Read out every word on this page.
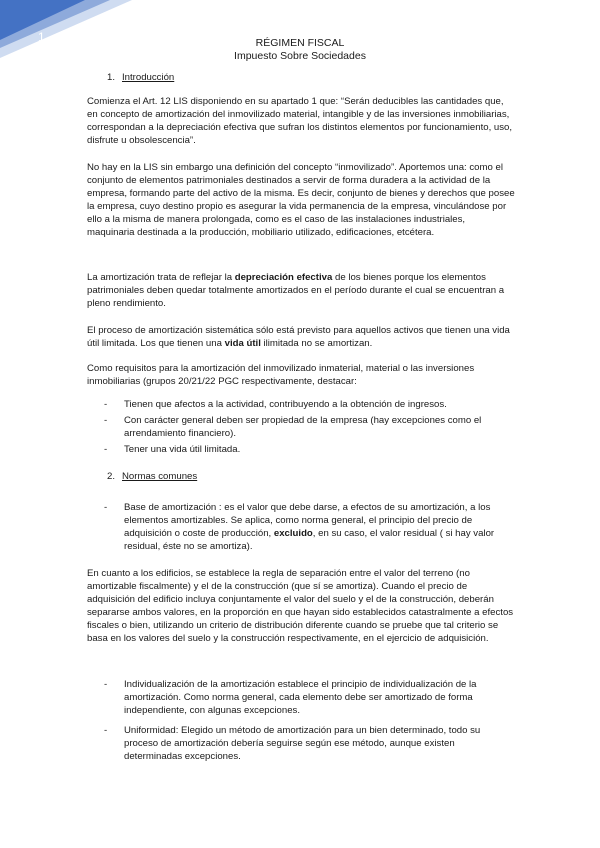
1	RÉGIMEN FISCAL
Impuesto Sobre Sociedades
1. Introducción

Comienza el Art. 12 LIS disponiendo en su apartado 1 que: “Serán deducibles las cantidades que, en concepto de amortización del inmovilizado material, intangible y de las inversiones inmobiliarias, correspondan a la depreciación efectiva que sufran los distintos elementos por funcionamiento, uso, disfrute u obsolescencia”.

No hay en la LIS sin embargo una definición del concepto “inmovilizado”. Aportemos una: como el conjunto de elementos patrimoniales destinados a servir de forma duradera a la actividad de la empresa, formando parte del activo de la misma. Es decir, conjunto de bienes y derechos que posee la empresa, cuyo destino propio es asegurar la vida permanencia de la empresa, vinculándose por ello a la misma de manera prolongada, como es el caso de las instalaciones industriales, maquinaria destinada a la producción, mobiliario utilizado, edificaciones, etcétera.

La amortización trata de reflejar la depreciación efectiva de los bienes porque los elementos patrimoniales deben quedar totalmente amortizados en el período durante el cual se encuentran a pleno rendimiento.

El proceso de amortización sistemática sólo está previsto para aquellos activos que tienen una vida útil limitada. Los que tienen una vida útil ilimitada no se amortizan.

Como requisitos para la amortización del inmovilizado inmaterial, material o las inversiones inmobiliarias (grupos 20/21/22 PGC respectivamente, destacar:

- Tienen que afectos a la actividad, contribuyendo a la obtención de ingresos.
- Con carácter general deben ser propiedad de la empresa (hay excepciones como el arrendamiento financiero).
- Tener una vida útil limitada.
2. Normas comunes
- Base de amortización : es el valor que debe darse, a efectos de su amortización, a los elementos amortizables. Se aplica, como norma general, el principio del precio de adquisición o coste de producción, excluido, en su caso, el valor residual ( si hay valor residual, éste no se amortiza).

En cuanto a los edificios, se establece la regla de separación entre el valor del terreno (no amortizable fiscalmente) y el de la construcción (que sí se amortiza). Cuando el precio de adquisición del edificio incluya conjuntamente el valor del suelo y el de la construcción, deberán separarse ambos valores, en la proporción en que hayan sido establecidos catastralmente a efectos fiscales o bien, utilizando un criterio de distribución diferente cuando se pruebe que tal criterio se basa en los valores del suelo y la construcción respectivamente, en el ejercicio de adquisición.

- Individualización de la amortización establece el principio de individualización de la amortización. Como norma general, cada elemento debe ser amortizado de forma independiente, con algunas excepciones.
- Uniformidad: Elegido un método de amortización para un bien determinado, todo su proceso de amortización debería seguirse según ese método, aunque existen determinadas excepciones.
